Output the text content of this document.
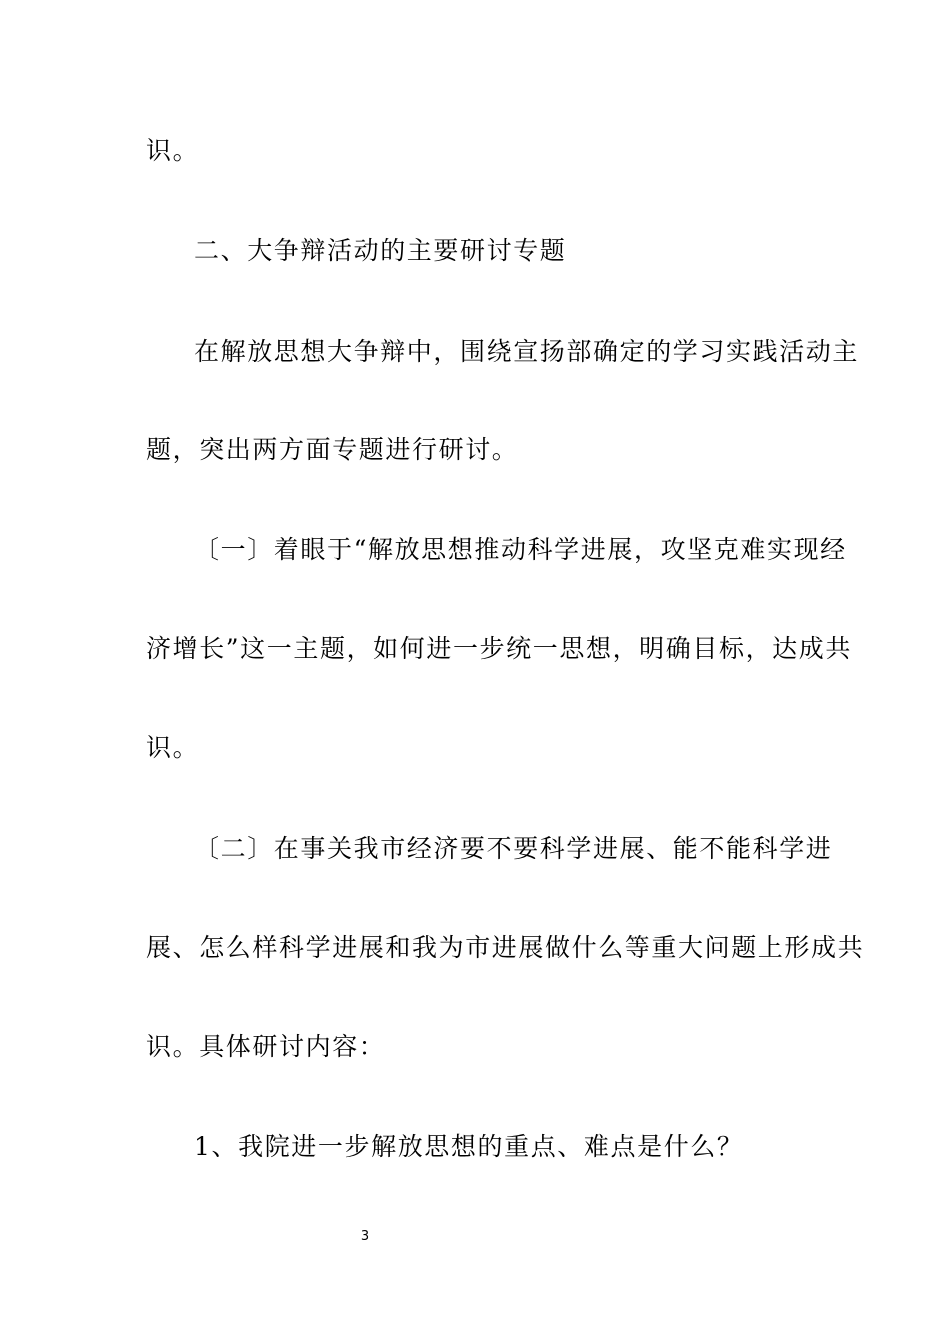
识。
二、大争辩活动的主要研讨专题
在解放思想大争辩中，围绕宣扬部确定的学习实践活动主
题，突出两方面专题进行研讨。
〔一〕着眼于“解放思想推动科学进展，攻坚克难实现经
济增长”这一主题，如何进一步统一思想，明确目标，达成共
识。
〔二〕在事关我市经济要不要科学进展、能不能科学进
展、怎么样科学进展和我为市进展做什么等重大问题上形成共
识。具体研讨内容：
1、我院进一步解放思想的重点、难点是什么？
3
